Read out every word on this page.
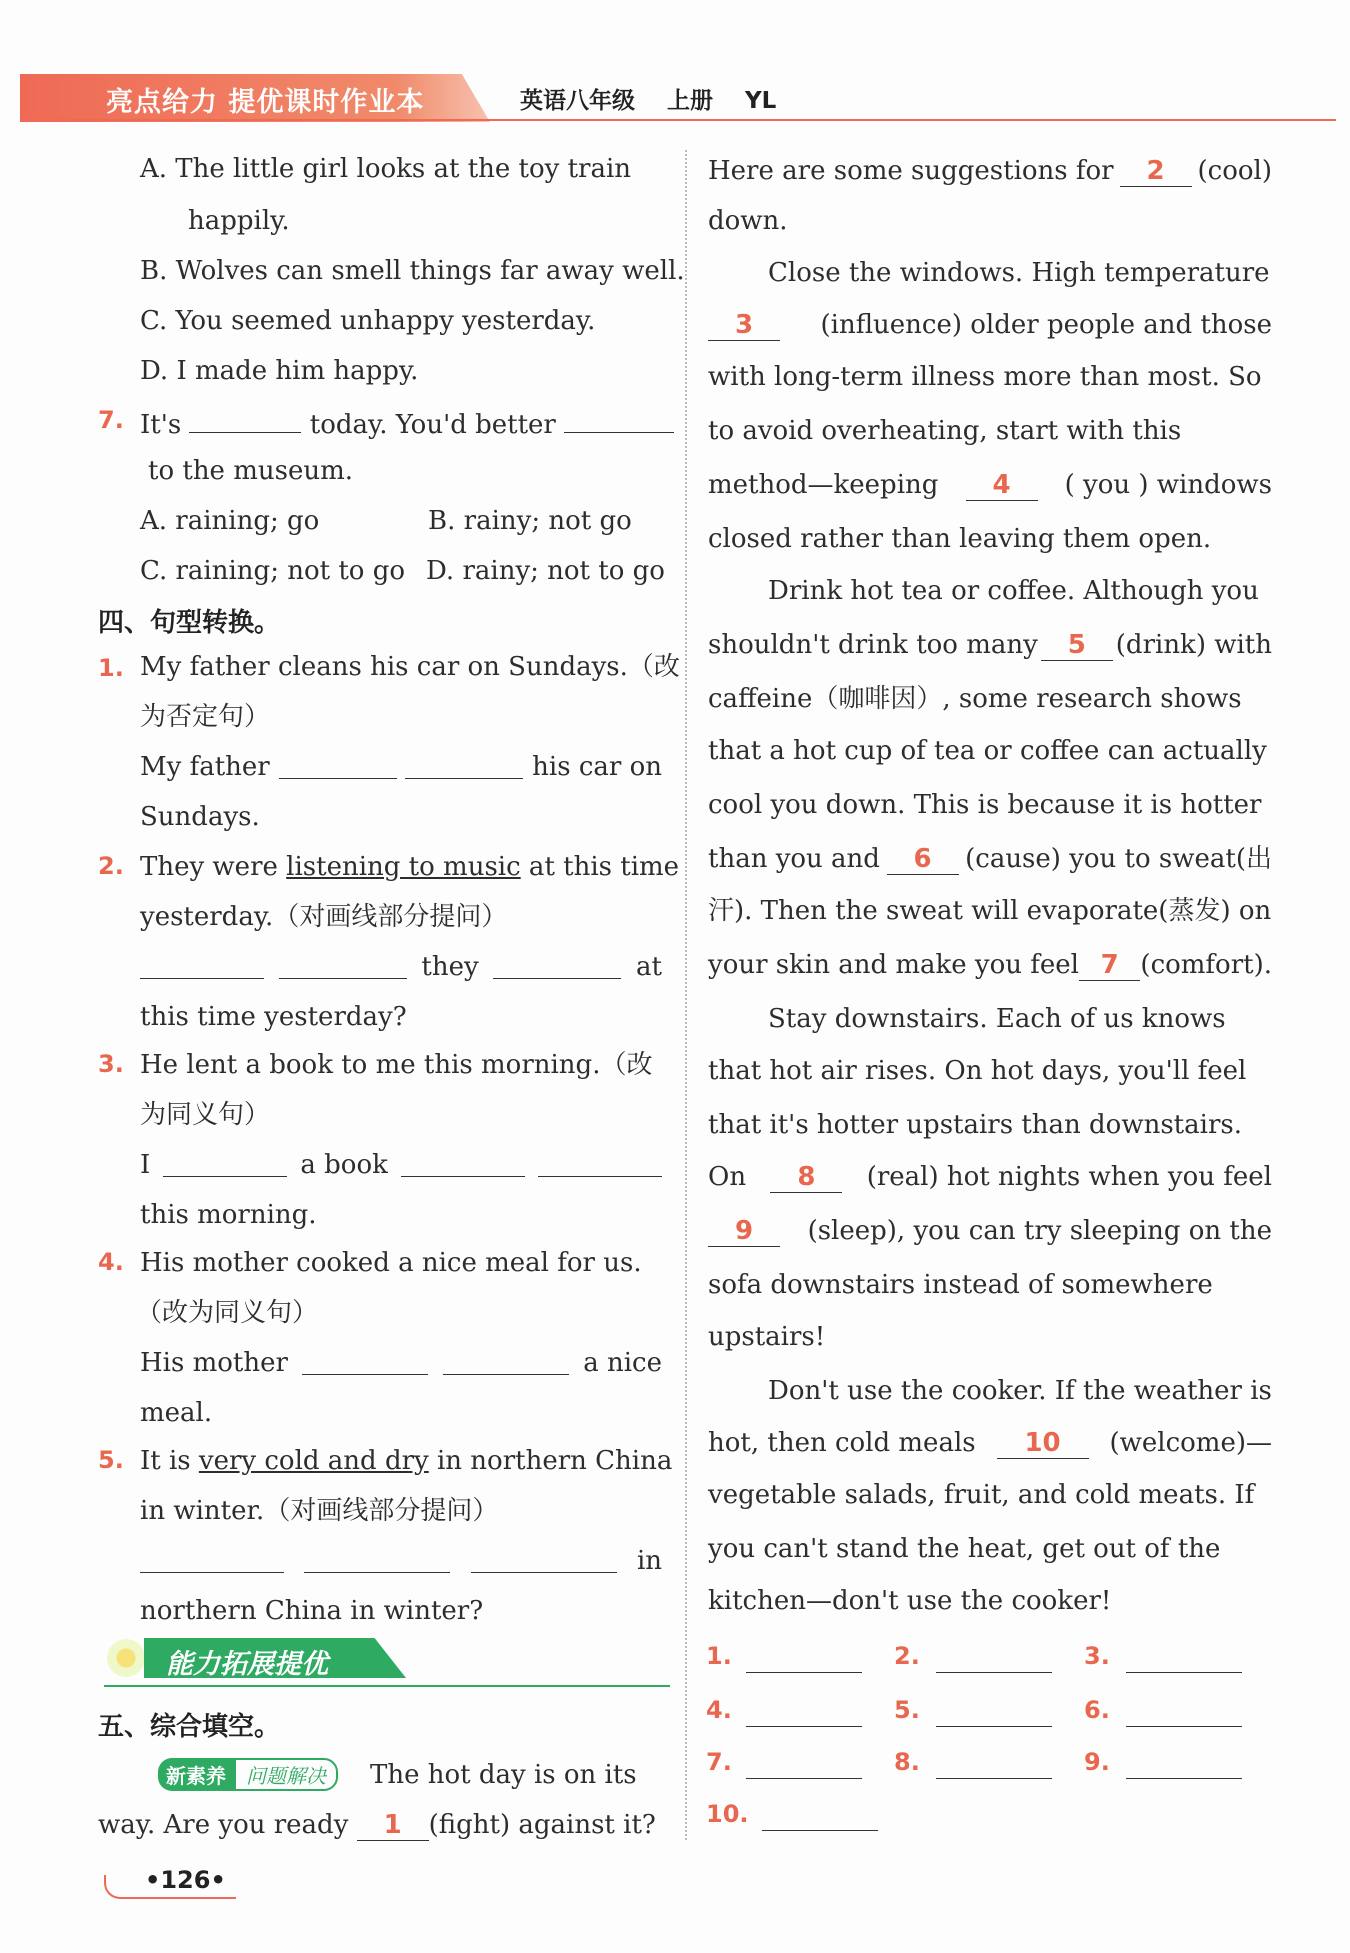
亮点给力 提优课时作业本	英语八年级 上册 YL
A. The little girl looks at the toy train
happily.
B. Wolves can smell things far away well.
C. You seemed unhappy yesterday.
D. I made him happy.
7. It's	today. You'd better
to the museum.
A. raining; go	B. rainy; not go
C. raining; not to go D. rainy; not to go
四、句型转换。
1. My father cleans his car on Sundays.（改
为否定句）
My father	his car on
Sundays.
2. They were listening to music at this time
yesterday.（对画线部分提问）
they	at
this time yesterday?
3. He lent a book to me this morning.（改
为同义句）
I	a book
this morning.
4. His mother cooked a nice meal for us.
（改为同义句）
His mother	a nice
meal.
5. It is very cold and dry in northern China
in winter.（对画线部分提问）
in
northern China in winter?
能力拓展提优
五、综合填空。
新素养	问题解决	The hot day is on its
way. Are you ready 1 (fight) against it?
Here are some suggestions for	2	(cool)
down.
Close the windows. High temperature
3	(influence) older people and those
with long-term illness more than most. So
to avoid overheating, start with this
method—keeping	4	( you ) windows
closed rather than leaving them open.
Drink hot tea or coffee. Although you
shouldn't drink too many	5	(drink) with
caffeine（咖啡因）, some research shows
that a hot cup of tea or coffee can actually
cool you down. This is because it is hotter
than you and	6	(cause) you to sweat(出
汗). Then the sweat will evaporate(蒸发) on
your skin and make you feel 7 (comfort).
Stay downstairs. Each of us knows
that hot air rises. On hot days, you'll feel
that it's hotter upstairs than downstairs.
On	8	(real) hot nights when you feel
9	(sleep), you can try sleeping on the
sofa downstairs instead of somewhere
upstairs!
Don't use the cooker. If the weather is
hot, then cold meals	10	(welcome)—
vegetable salads, fruit, and cold meats. If
you can't stand the heat, get out of the
kitchen—don't use the cooker!
1.	2.	3.
4.	5.	6.
7.	8.	9.
10.
•126•
